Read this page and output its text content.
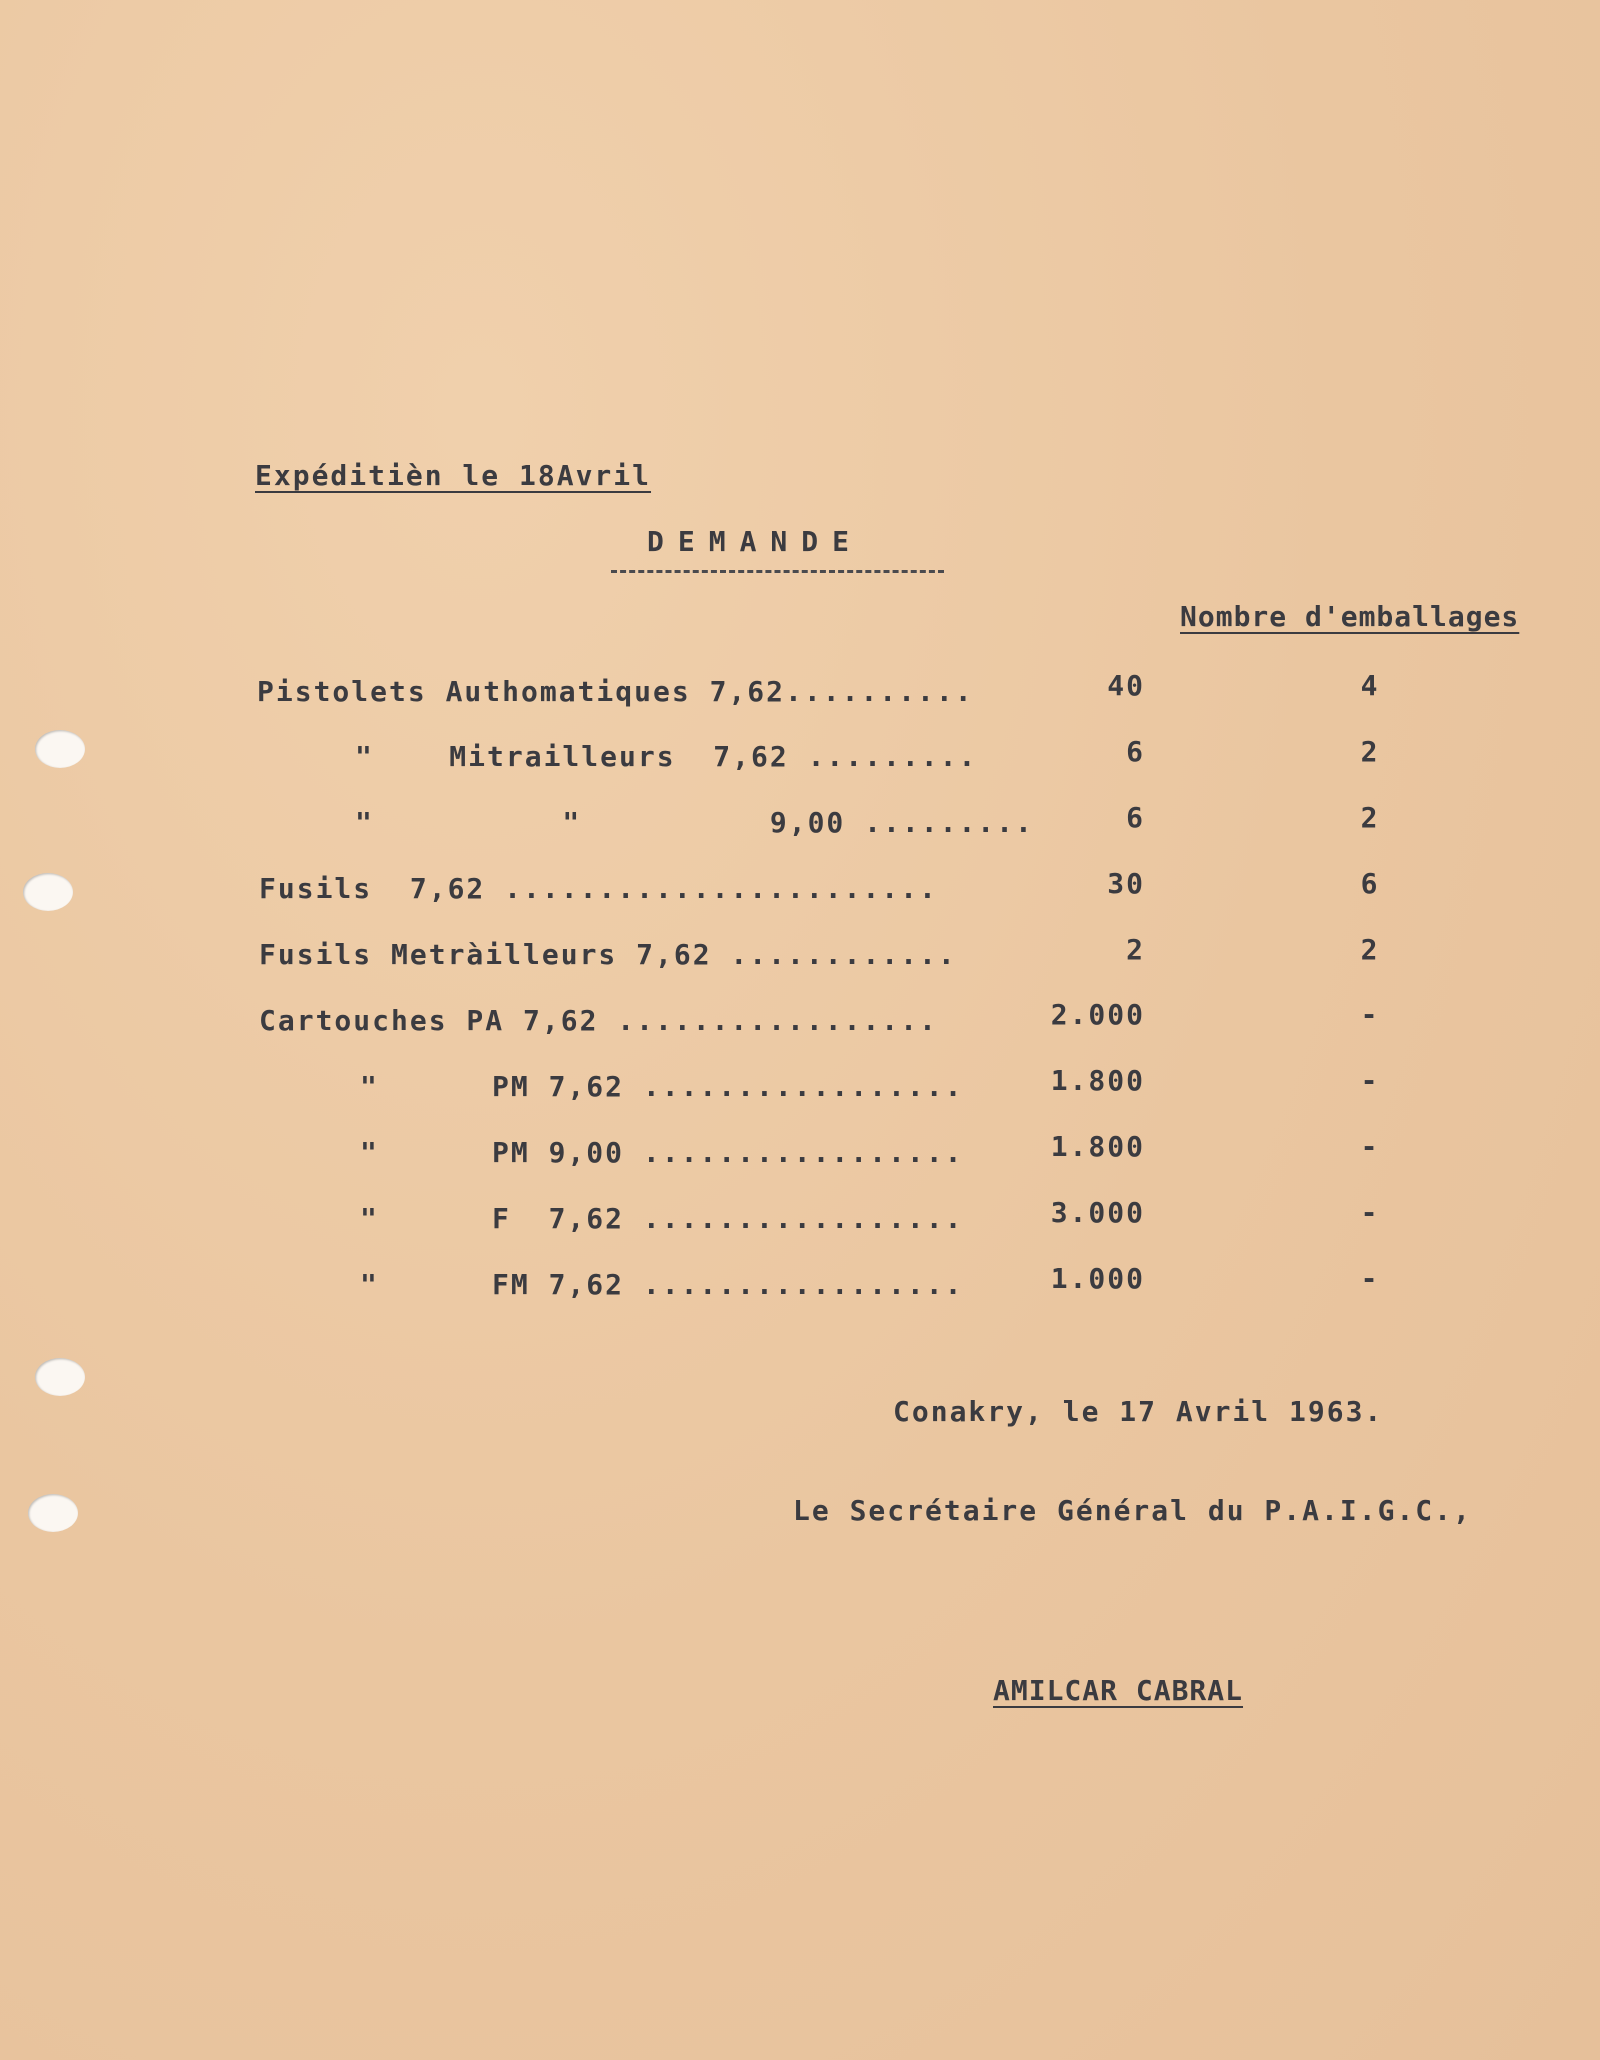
Expéditièn le 18Avril
DEMANDE
Nombre d'emballages
Pistolets Authomatiques 7,62..........	40	4
"    Mitrailleurs  7,62 .........	6	2
"          "          9,00 .........	6	2
Fusils  7,62 .......................	30	6
Fusils Metràilleurs 7,62 ............	2	2
Cartouches PA 7,62 .................	2.000	-
"      PM 7,62 .................	1.800	-
"      PM 9,00 .................	1.800	-
"      F  7,62 .................	3.000	-
"      FM 7,62 .................	1.000	-
Conakry, le 17 Avril 1963.
Le Secrétaire Général du P.A.I.G.C.,
AMILCAR CABRAL
